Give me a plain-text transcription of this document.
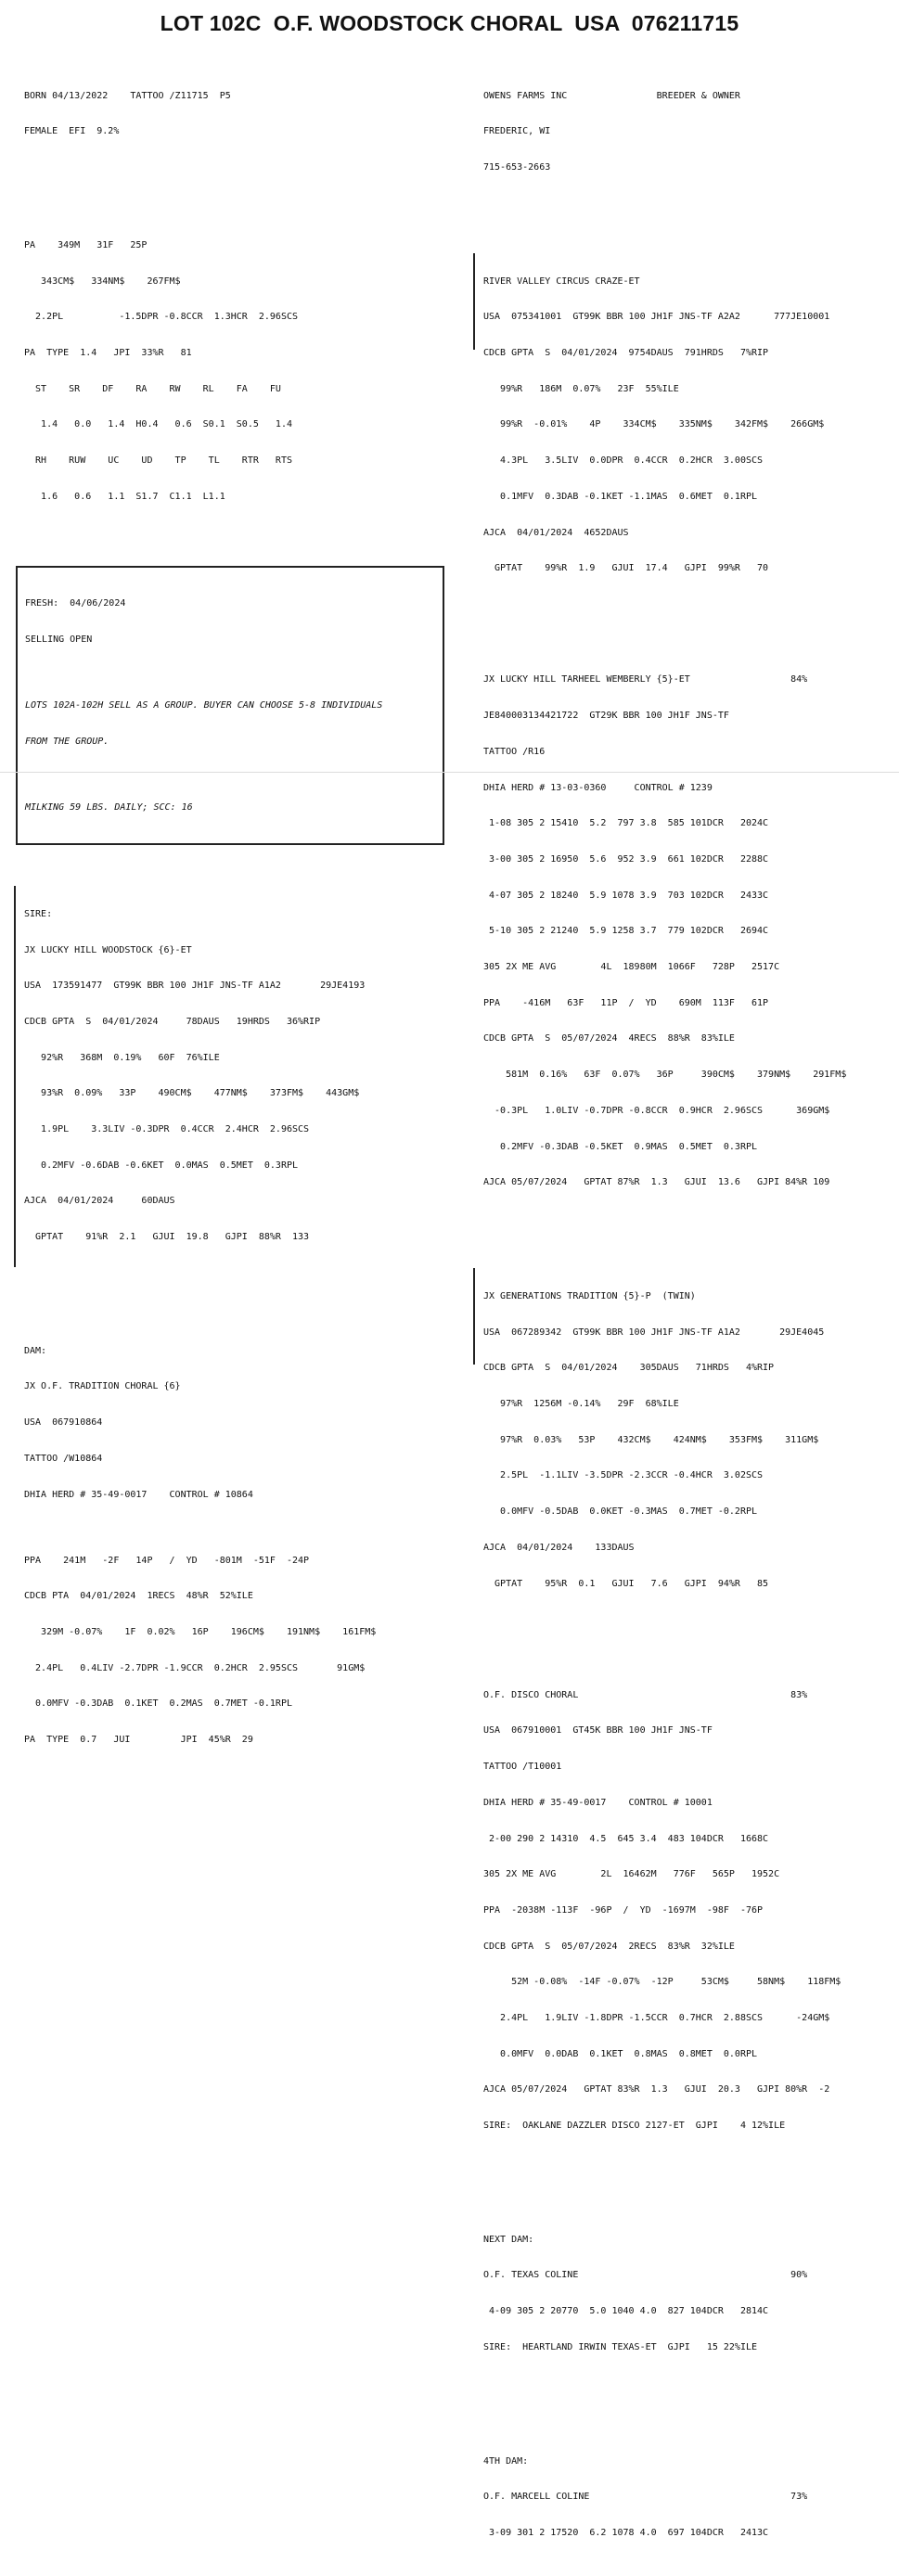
LOT 102C  O.F. WOODSTOCK CHORAL  USA  076211715

BORN 04/13/2022    TATTOO /Z11715  P5

FEMALE  EFI  9.2%

PA    349M   31F   25P

343CM$   334NM$    267FM$

2.2PL          -1.5DPR -0.8CCR  1.3HCR  2.96SCS

PA  TYPE  1.4   JPI  33%R   81

ST    SR    DF    RA    RW    RL    FA    FU

1.4   0.0   1.4  H0.4   0.6  S0.1  S0.5   1.4

RH    RUW    UC    UD    TP    TL    RTR   RTS

1.6   0.6   1.1  S1.7  C1.1  L1.1

FRESH:  04/06/2024

SELLING OPEN

LOTS 102A-102H SELL AS A GROUP. BUYER CAN CHOOSE 5-8 INDIVIDUALS

FROM THE GROUP.

MILKING 59 LBS. DAILY; SCC: 16

SIRE:

JX LUCKY HILL WOODSTOCK {6}-ET

USA  173591477  GT99K BBR 100 JH1F JNS-TF A1A2       29JE4193

CDCB GPTA  S  04/01/2024     78DAUS   19HRDS   36%RIP

92%R   368M  0.19%   60F  76%ILE

93%R  0.09%   33P    490CM$    477NM$    373FM$    443GM$

1.9PL    3.3LIV -0.3DPR  0.4CCR  2.4HCR  2.96SCS

0.2MFV -0.6DAB -0.6KET  0.0MAS  0.5MET  0.3RPL

AJCA  04/01/2024     60DAUS

GPTAT    91%R  2.1   GJUI  19.8   GJPI  88%R  133

DAM:

JX O.F. TRADITION CHORAL {6}

USA  067910864

TATTOO /W10864

DHIA HERD # 35-49-0017    CONTROL # 10864

PPA    241M   -2F   14P   /  YD   -801M  -51F  -24P

CDCB PTA  04/01/2024  1RECS  48%R  52%ILE

329M -0.07%    1F  0.02%   16P    196CM$    191NM$    161FM$

2.4PL   0.4LIV -2.7DPR -1.9CCR  0.2HCR  2.95SCS       91GM$

0.0MFV -0.3DAB  0.1KET  0.2MAS  0.7MET -0.1RPL

PA  TYPE  0.7   JUI         JPI  45%R  29

OWENS FARMS INC                BREEDER & OWNER

FREDERIC, WI

715-653-2663

RIVER VALLEY CIRCUS CRAZE-ET

USA  075341001  GT99K BBR 100 JH1F JNS-TF A2A2      777JE10001

CDCB GPTA  S  04/01/2024  9754DAUS  791HRDS   7%RIP

99%R   186M  0.07%   23F  55%ILE

99%R  -0.01%    4P    334CM$    335NM$    342FM$    266GM$

4.3PL   3.5LIV  0.0DPR  0.4CCR  0.2HCR  3.00SCS

0.1MFV  0.3DAB -0.1KET -1.1MAS  0.6MET  0.1RPL

AJCA  04/01/2024  4652DAUS

GPTAT    99%R  1.9   GJUI  17.4   GJPI  99%R   70

JX LUCKY HILL TARHEEL WEMBERLY {5}-ET                  84%

JE840003134421722  GT29K BBR 100 JH1F JNS-TF

TATTOO /R16

DHIA HERD # 13-03-0360     CONTROL # 1239

1-08 305 2 15410  5.2  797 3.8  585 101DCR   2024C

3-00 305 2 16950  5.6  952 3.9  661 102DCR   2288C

4-07 305 2 18240  5.9 1078 3.9  703 102DCR   2433C

5-10 305 2 21240  5.9 1258 3.7  779 102DCR   2694C

305 2X ME AVG        4L  18980M  1066F   728P   2517C

PPA    -416M   63F   11P  /  YD    690M  113F   61P

CDCB GPTA  S  05/07/2024  4RECS  88%R  83%ILE

581M  0.16%   63F  0.07%   36P     390CM$    379NM$    291FM$

-0.3PL   1.0LIV -0.7DPR -0.8CCR  0.9HCR  2.96SCS      369GM$

0.2MFV -0.3DAB -0.5KET  0.9MAS  0.5MET  0.3RPL

AJCA 05/07/2024   GPTAT 87%R  1.3   GJUI  13.6   GJPI 84%R 109

JX GENERATIONS TRADITION {5}-P  (TWIN)

USA  067289342  GT99K BBR 100 JH1F JNS-TF A1A2       29JE4045

CDCB GPTA  S  04/01/2024    305DAUS   71HRDS   4%RIP

97%R  1256M -0.14%   29F  68%ILE

97%R  0.03%   53P    432CM$    424NM$    353FM$    311GM$

2.5PL  -1.1LIV -3.5DPR -2.3CCR -0.4HCR  3.02SCS

0.0MFV -0.5DAB  0.0KET -0.3MAS  0.7MET -0.2RPL

AJCA  04/01/2024    133DAUS

GPTAT    95%R  0.1   GJUI   7.6   GJPI  94%R   85

O.F. DISCO CHORAL                                      83%

USA  067910001  GT45K BBR 100 JH1F JNS-TF

TATTOO /T10001

DHIA HERD # 35-49-0017    CONTROL # 10001

2-00 290 2 14310  4.5  645 3.4  483 104DCR   1668C

305 2X ME AVG        2L  16462M   776F   565P   1952C

PPA  -2038M -113F  -96P  /  YD  -1697M  -98F  -76P

CDCB GPTA  S  05/07/2024  2RECS  83%R  32%ILE

52M -0.08%  -14F -0.07%  -12P     53CM$     58NM$    118FM$

2.4PL   1.9LIV -1.8DPR -1.5CCR  0.7HCR  2.88SCS      -24GM$

0.0MFV  0.0DAB  0.1KET  0.8MAS  0.8MET  0.0RPL

AJCA 05/07/2024   GPTAT 83%R  1.3   GJUI  20.3   GJPI 80%R  -2

SIRE:  OAKLANE DAZZLER DISCO 2127-ET  GJPI    4 12%ILE

NEXT DAM:

O.F. TEXAS COLINE                                      90%

4-09 305 2 20770  5.0 1040 4.0  827 104DCR   2814C

SIRE:  HEARTLAND IRWIN TEXAS-ET  GJPI   15 22%ILE

4TH DAM:

O.F. MARCELL COLINE                                    73%

3-09 301 2 17520  6.2 1078 4.0  697 104DCR   2413C
